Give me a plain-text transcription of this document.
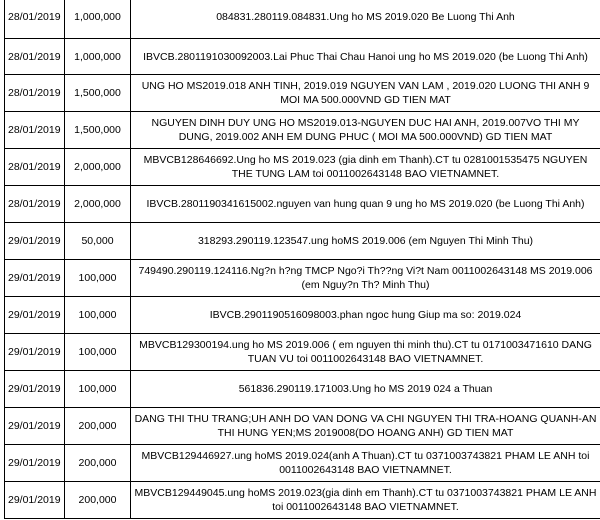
28/01/2019	1,000,000	084831.280119.084831.Ung ho MS 2019.020 Be Luong Thi Anh
28/01/2019	1,000,000	IBVCB.2801191030092003.Lai Phuc Thai Chau Hanoi ung ho MS 2019.020 (be Luong Thi Anh)
28/01/2019	1,500,000	UNG HO MS2019.018 ANH TINH, 2019.019 NGUYEN VAN LAM , 2019.020 LUONG THI ANH 9 MOI MA 500.000VND GD TIEN MAT
28/01/2019	1,500,000	NGUYEN DINH DUY UNG HO MS2019.013-NGUYEN DUC HAI ANH, 2019.007VO THI MY DUNG, 2019.002 ANH EM DUNG PHUC ( MOI MA 500.000VND) GD TIEN MAT
28/01/2019	2,000,000	MBVCB128646692.Ung ho MS 2019.023 (gia dinh em Thanh).CT tu 0281001535475 NGUYEN THE TUNG LAM toi 0011002643148 BAO VIETNAMNET.
28/01/2019	2,000,000	IBVCB.2801190341615002.nguyen van hung quan 9 ung ho MS 2019.020 (be Luong Thi Anh)
29/01/2019	50,000	318293.290119.123547.ung hoMS 2019.006 (em Nguyen Thi Minh Thu)
29/01/2019	100,000	749490.290119.124116.Ng?n h?ng TMCP Ngo?i Th??ng Vi?t Nam 0011002643148 MS 2019.006 (em Nguy?n Th? Minh Thu)
29/01/2019	100,000	IBVCB.2901190516098003.phan ngoc hung Giup ma so: 2019.024
29/01/2019	100,000	MBVCB129300194.ung ho MS 2019.006 ( em nguyen thi minh thu).CT tu 0171003471610 DANG TUAN VU toi 0011002643148 BAO VIETNAMNET.
29/01/2019	100,000	561836.290119.171003.Ung ho MS 2019 024 a Thuan
29/01/2019	200,000	DANG THI THU TRANG;UH ANH DO VAN DONG VA CHI NGUYEN THI TRA-HOANG QUANH-AN THI HUNG YEN;MS 2019008(DO HOANG ANH) GD TIEN MAT
29/01/2019	200,000	MBVCB129446927.ung hoMS 2019.024(anh A Thuan).CT tu 0371003743821 PHAM LE ANH toi 0011002643148 BAO VIETNAMNET.
29/01/2019	200,000	MBVCB129449045.ung hoMS 2019.023(gia dinh em Thanh).CT tu 0371003743821 PHAM LE ANH toi 0011002643148 BAO VIETNAMNET.
